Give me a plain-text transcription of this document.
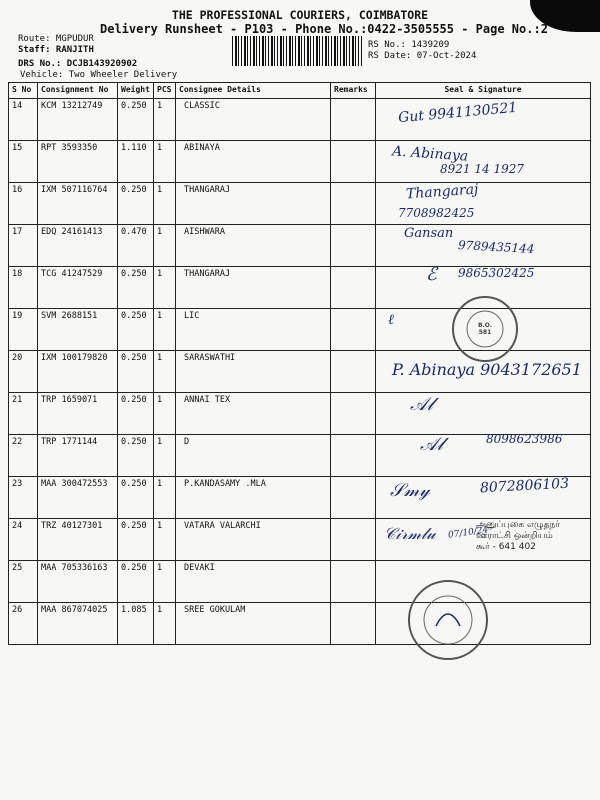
THE PROFESSIONAL COURIERS, COIMBATORE
Delivery Runsheet - P103 - Phone No.:0422-3505555 - Page No.:2
Route: MGPUDUR
Staff: RANJITH
DRS No.: DCJB143920902
Vehicle: Two Wheeler Delivery
RS No.: 1439209
RS Date: 07-Oct-2024
S No	Consignment No	Weight	PCS	Consignee Details	Remarks	Seal & Signature
14	KCM 13212749	0.250	1	CLASSIC		
15	RPT 3593350	1.110	1	ABINAYA		
16	IXM 507116764	0.250	1	THANGARAJ		
17	EDQ 24161413	0.470	1	AISHWARA		
18	TCG 41247529	0.250	1	THANGARAJ		
19	SVM 2688151	0.250	1	LIC		
20	IXM 100179820	0.250	1	SARASWATHI		
21	TRP 1659071	0.250	1	ANNAI TEX		
22	TRP 1771144	0.250	1	D		
23	MAA 300472553	0.250	1	P.KANDASAMY .MLA		
24	TRZ 40127301	0.250	1	VATARA VALARCHI		
25	MAA 705336163	0.250	1	DEVAKI		
26	MAA 867074025	1.085	1	SREE GOKULAM		
Gut 9941130521
A. Abinaya
8921 14 1927
Thangaraj
7708982425
Gansan
9789435144
ℰ 9865302425
ℓ
P. Abinaya 9043172651
𝒜𝓁
𝒜𝓁	8098623986
𝒮𝓂𝓎	8072806103
𝒞𝒾𝓇𝓂𝓁𝓊 07/10/24
B.O.
581
அனுப்புகை எழுதநர்
ஊராட்சி ஒன்றியம்
கூர் - 641 402
